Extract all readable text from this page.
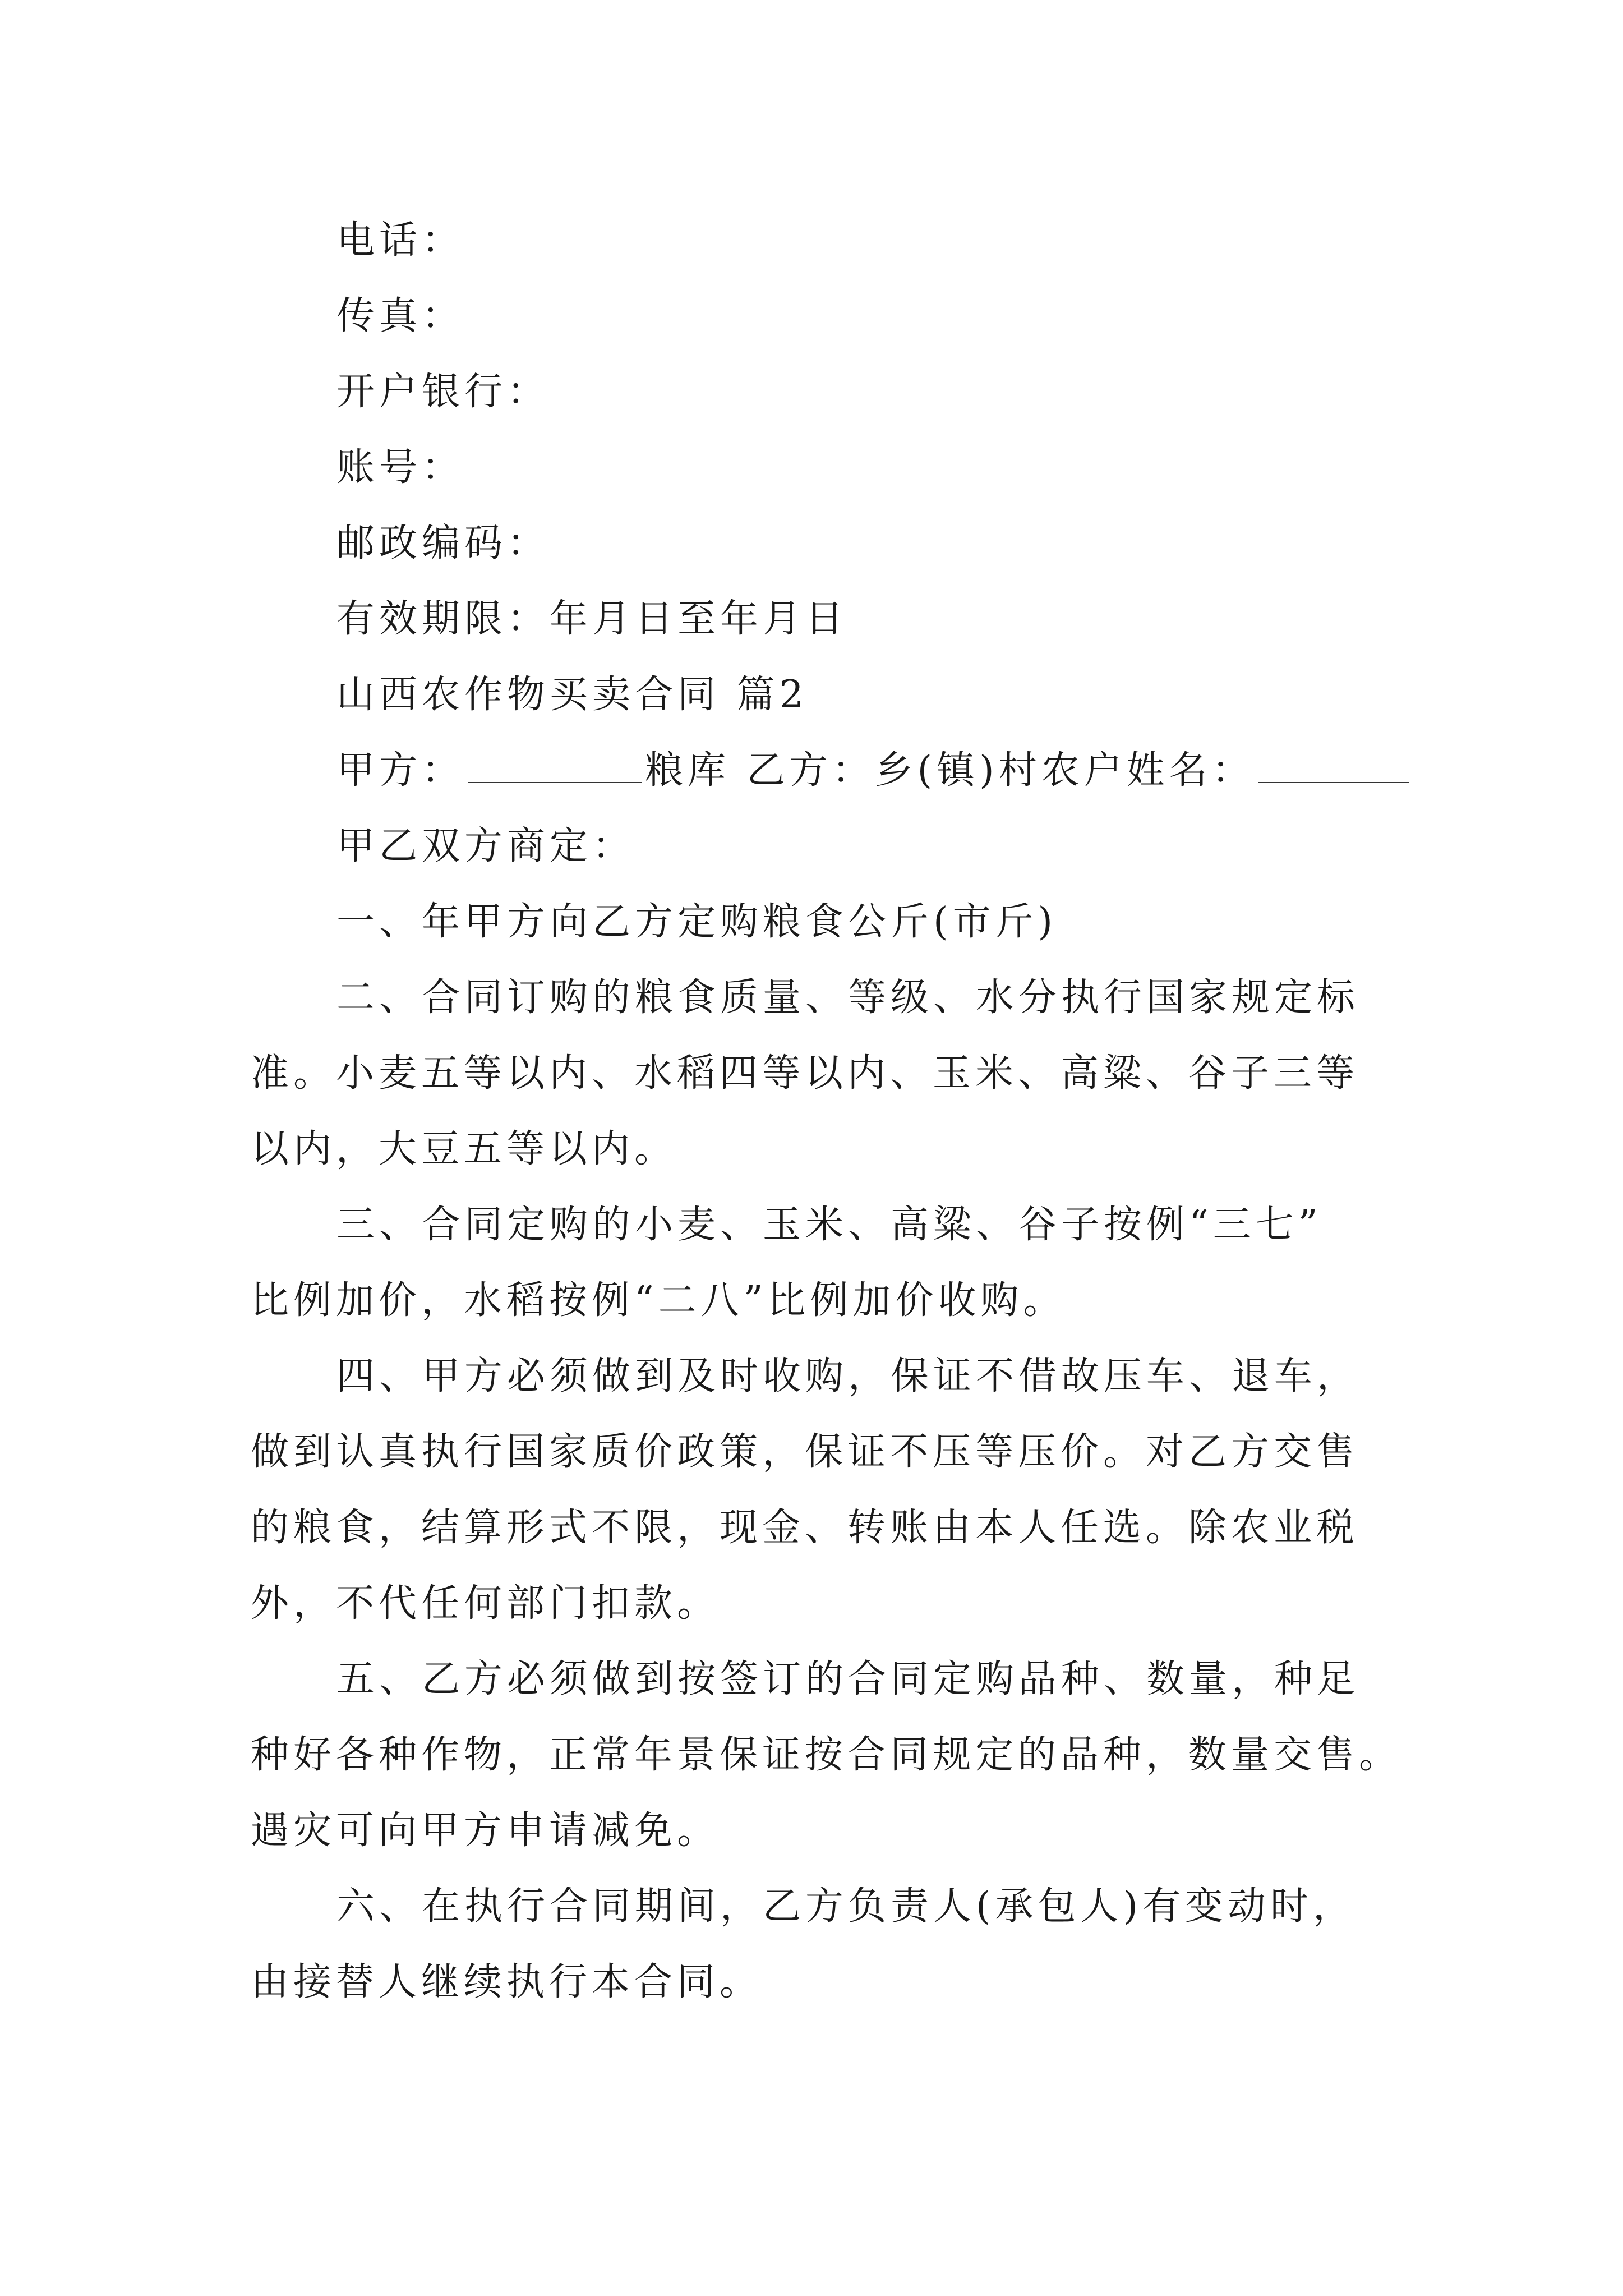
电话：
传真：
开户银行：
账号：
邮政编码：
有效期限：年月日至年月日
山西农作物买卖合同 篇2
甲方：	粮库 乙方：乡(镇)村农户姓名：
甲乙双方商定：
一、年甲方向乙方定购粮食公斤(市斤)
二、合同订购的粮食质量、等级、水分执行国家规定标
准。小麦五等以内、水稻四等以内、玉米、高粱、谷子三等
以内，大豆五等以内。
三、合同定购的小麦、玉米、高粱、谷子按例“三七”
比例加价，水稻按例“二八”比例加价收购。
四、甲方必须做到及时收购，保证不借故压车、退车，
做到认真执行国家质价政策，保证不压等压价。对乙方交售
的粮食，结算形式不限，现金、转账由本人任选。除农业税
外，不代任何部门扣款。
五、乙方必须做到按签订的合同定购品种、数量，种足
种好各种作物，正常年景保证按合同规定的品种，数量交售。
遇灾可向甲方申请减免。
六、在执行合同期间，乙方负责人(承包人)有变动时，
由接替人继续执行本合同。
